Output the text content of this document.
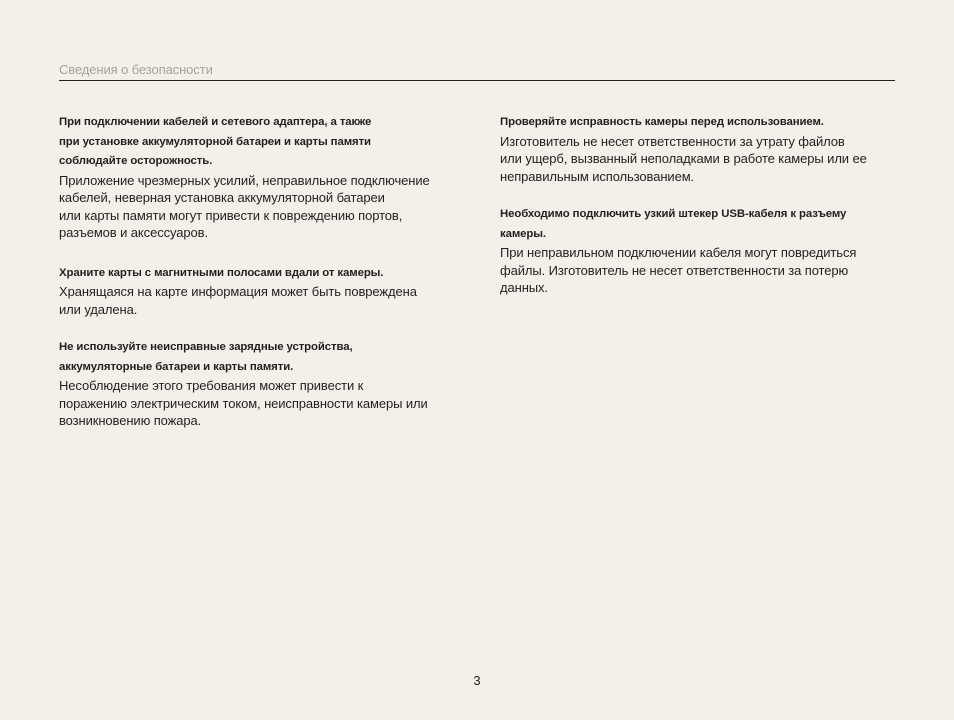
Сведения о безопасности

При подключении кабелей и сетевого адаптера, а также
при установке аккумуляторной батареи и карты памяти
соблюдайте осторожность.

Приложение чрезмерных усилий, неправильное подключение
кабелей, неверная установка аккумуляторной батареи
или карты памяти могут привести к повреждению портов,
разъемов и аксессуаров.

Храните карты с магнитными полосами вдали от камеры.

Хранящаяся на карте информация может быть повреждена
или удалена.

Не используйте неисправные зарядные устройства,
аккумуляторные батареи и карты памяти.

Несоблюдение этого требования может привести к
поражению электрическим током, неисправности камеры или
возникновению пожара.

Проверяйте исправность камеры перед использованием.

Изготовитель не несет ответственности за утрату файлов
или ущерб, вызванный неполадками в работе камеры или ее
неправильным использованием.

Необходимо подключить узкий штекер USB-кабеля к разъему
камеры.

При неправильном подключении кабеля могут повредиться
файлы. Изготовитель не несет ответственности за потерю
данных.

3
